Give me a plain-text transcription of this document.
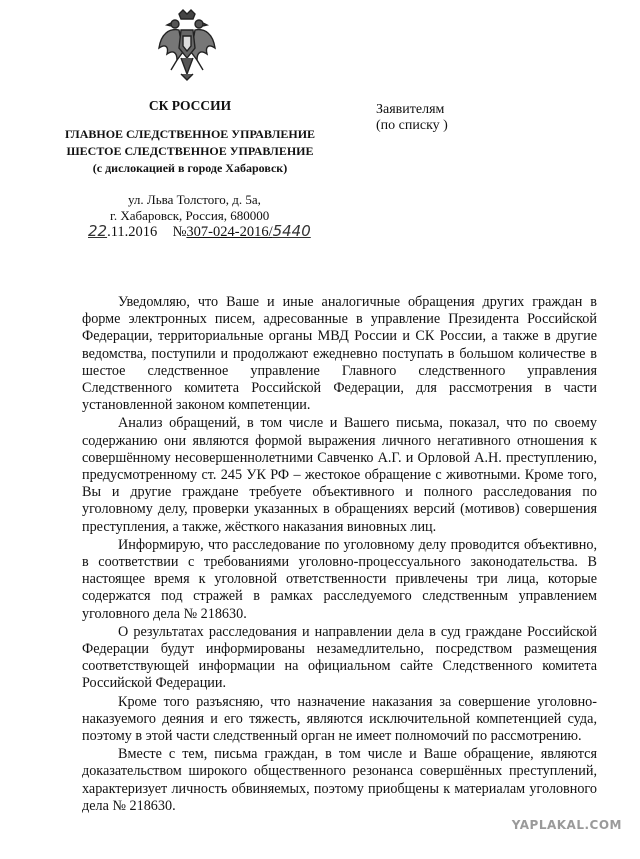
СК РОССИИ
ГЛАВНОЕ СЛЕДСТВЕННОЕ УПРАВЛЕНИЕ
ШЕСТОЕ СЛЕДСТВЕННОЕ УПРАВЛЕНИЕ
(с дислокацией в городе Хабаровск)
Заявителям
(по списку )
ул. Льва Толстого, д. 5а,
г. Хабаровск, Россия, 680000
22.11.2016 №307-024-2016/5440

Уведомляю, что Ваше и иные аналогичные обращения других граждан в форме электронных писем, адресованные в управление Президента Российской Федерации, территориальные органы МВД России и СК России, а также в другие ведомства, поступили и продолжают ежедневно поступать в большом количестве в шестое следственное управление Главного следственного управления Следственного комитета Российской Федерации, для рассмотрения в части установленной законом компетенции.

Анализ обращений, в том числе и Вашего письма, показал, что по своему содержанию они являются формой выражения личного негативного отношения к совершённому несовершеннолетними Савченко А.Г. и Орловой А.Н. преступлению, предусмотренному ст. 245 УК РФ – жестокое обращение с животными. Кроме того, Вы и другие граждане требуете объективного и полного расследования по уголовному делу, проверки указанных в обращениях версий (мотивов) совершения преступления, а также, жёсткого наказания виновных лиц.

Информирую, что расследование по уголовному делу проводится объективно, в соответствии с требованиями уголовно-процессуального законодательства. В настоящее время к уголовной ответственности привлечены три лица, которые содержатся под стражей в рамках расследуемого следственным управлением уголовного дела № 218630.

О результатах расследования и направлении дела в суд граждане Российской Федерации будут информированы незамедлительно, посредством размещения соответствующей информации на официальном сайте Следственного комитета Российской Федерации.

Кроме того разъясняю, что назначение наказания за совершение уголовно-наказуемого деяния и его тяжесть, являются исключительной компетенцией суда, поэтому в этой части следственный орган не имеет полномочий по рассмотрению.

Вместе с тем, письма граждан, в том числе и Ваше обращение, являются доказательством широкого общественного резонанса совершённых преступлений, характеризует личность обвиняемых, поэтому приобщены к материалам уголовного дела № 218630.

YAPLAKAL.COM
